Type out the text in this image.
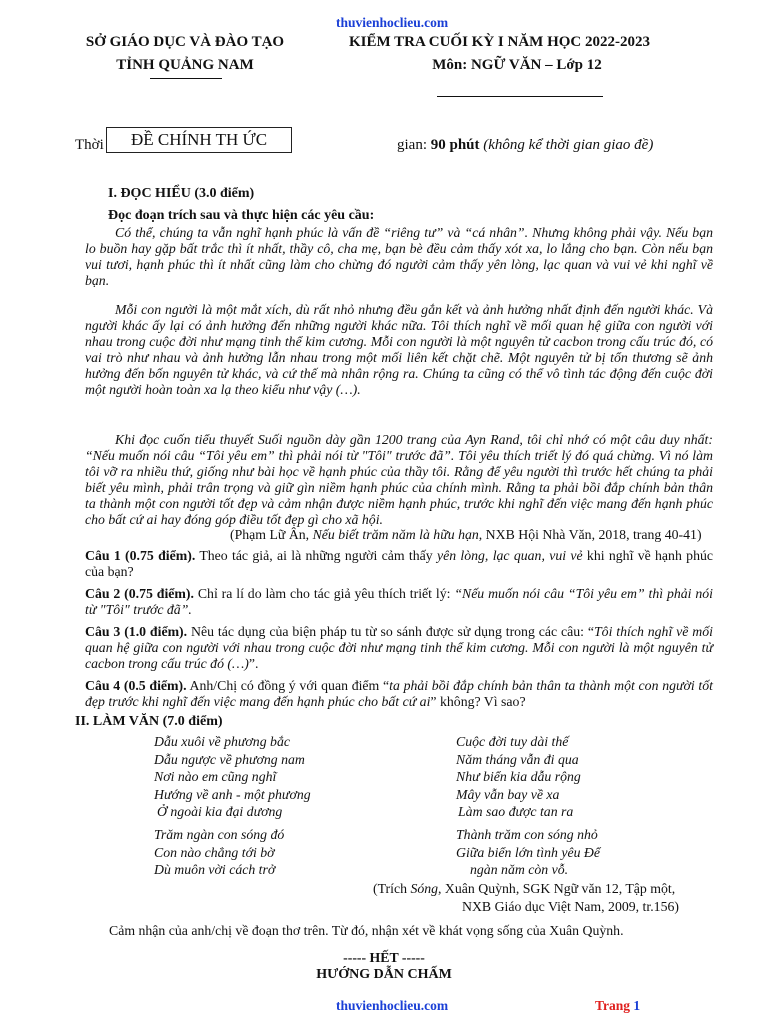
thuvienhoclieu.com
SỞ GIÁO DỤC VÀ ĐÀO TẠO
TỈNH QUẢNG NAM
KIỂM TRA CUỐI KỲ I NĂM HỌC 2022-2023
Môn: NGỮ VĂN – Lớp 12
Thời	ĐỀ CHÍNH TH ỨC	gian: 90 phút (không kể thời gian giao đề)
I. ĐỌC HIỂU (3.0 điểm)
Đọc đoạn trích sau và thực hiện các yêu cầu:
Có thể, chúng ta vẫn nghĩ hạnh phúc là vấn đề “riêng tư” và “cá nhân”. Nhưng không phải vậy. Nếu bạn lo buồn hay gặp bất trắc thì ít nhất, thầy cô, cha mẹ, bạn bè đều cảm thấy xót xa, lo lắng cho bạn. Còn nếu bạn vui tươi, hạnh phúc thì ít nhất cũng làm cho chừng đó người cảm thấy yên lòng, lạc quan và vui vẻ khi nghĩ về bạn.
Mỗi con người là một mắt xích, dù rất nhỏ nhưng đều gắn kết và ảnh hưởng nhất định đến người khác. Và người khác ấy lại có ảnh hưởng đến những người khác nữa. Tôi thích nghĩ về mối quan hệ giữa con người với nhau trong cuộc đời như mạng tinh thể kim cương. Mỗi con người là một nguyên tử cacbon trong cấu trúc đó, có vai trò như nhau và ảnh hưởng lẫn nhau trong một mối liên kết chặt chẽ. Một nguyên tử bị tổn thương sẽ ảnh hưởng đến bốn nguyên tử khác, và cứ thế mà nhân rộng ra. Chúng ta cũng có thể vô tình tác động đến cuộc đời một người hoàn toàn xa lạ theo kiểu như vậy (…).
Khi đọc cuốn tiểu thuyết Suối nguồn dày gần 1200 trang của Ayn Rand, tôi chỉ nhớ có một câu duy nhất: “Nếu muốn nói câu “Tôi yêu em” thì phải nói từ "Tôi" trước đã”. Tôi yêu thích triết lý đó quá chừng. Vì nó làm tôi vỡ ra nhiều thứ, giống như bài học về hạnh phúc của thầy tôi. Rằng để yêu người thì trước hết chúng ta phải biết yêu mình, phải trân trọng và giữ gìn niềm hạnh phúc của chính mình. Rằng ta phải bồi đắp chính bản thân ta thành một con người tốt đẹp và cảm nhận được niềm hạnh phúc, trước khi nghĩ đến việc mang đến hạnh phúc cho bất cứ ai hay đóng góp điều tốt đẹp gì cho xã hội.
(Phạm Lữ Ân, Nếu biết trăm năm là hữu hạn, NXB Hội Nhà Văn, 2018, trang 40-41)
Câu 1 (0.75 điểm). Theo tác giả, ai là những người cảm thấy yên lòng, lạc quan, vui vẻ khi nghĩ về hạnh phúc của bạn?
Câu 2 (0.75 điểm). Chỉ ra lí do làm cho tác giả yêu thích triết lý: “Nếu muốn nói câu “Tôi yêu em” thì phải nói từ "Tôi" trước đã”.
Câu 3 (1.0 điểm). Nêu tác dụng của biện pháp tu từ so sánh được sử dụng trong các câu: “Tôi thích nghĩ về mối quan hệ giữa con người với nhau trong cuộc đời như mạng tinh thể kim cương. Mỗi con người là một nguyên tử cacbon trong cấu trúc đó (…)”.
Câu 4 (0.5 điểm). Anh/Chị có đồng ý với quan điểm “ta phải bồi đắp chính bản thân ta thành một con người tốt đẹp trước khi nghĩ đến việc mang đến hạnh phúc cho bất cứ ai” không? Vì sao?
II. LÀM VĂN (7.0 điểm)
Dẫu xuôi về phương bắc
Dẫu ngược về phương nam
Nơi nào em cũng nghĩ
Hướng về anh - một phương
Ở ngoài kia đại dương
Trăm ngàn con sóng đó
Con nào chẳng tới bờ
Dù muôn vời cách trở
Cuộc đời tuy dài thế
Năm tháng vẫn đi qua
Như biển kia dẫu rộng
Mây vẫn bay về xa
Làm sao được tan ra
Thành trăm con sóng nhỏ
Giữa biển lớn tình yêu Để
ngàn năm còn vỗ.
(Trích Sóng, Xuân Quỳnh, SGK Ngữ văn 12, Tập một,
NXB Giáo dục Việt Nam, 2009, tr.156)
Cảm nhận của anh/chị về đoạn thơ trên. Từ đó, nhận xét về khát vọng sống của Xuân Quỳnh.
----- HẾT -----
HƯỚNG DẪN CHẤM
thuvienhoclieu.com	Trang 1
